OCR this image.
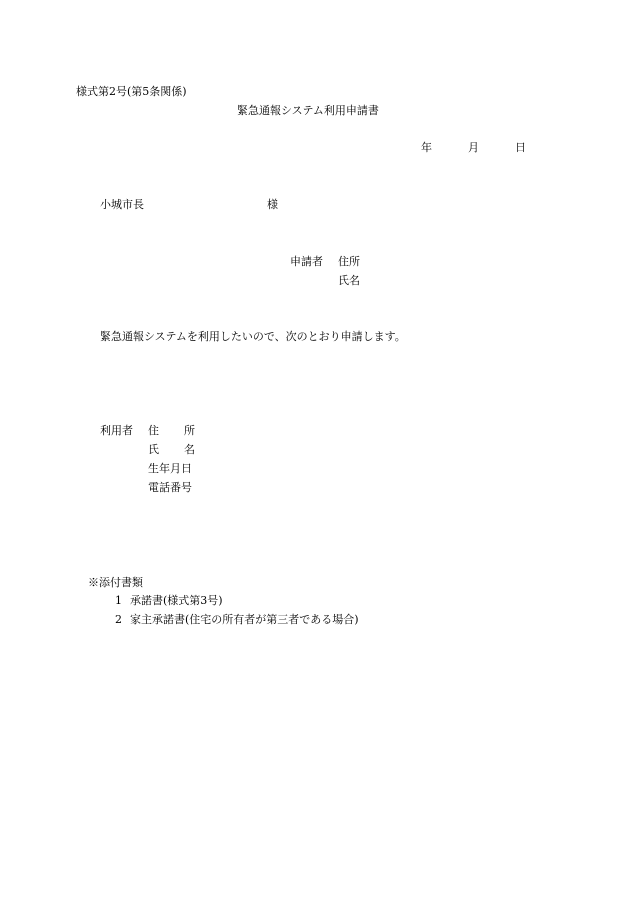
様式第2号(第5条関係)

緊急通報システム利用申請書

年	月	日
小城市長	様
申請者 住所
氏名

緊急通報システムを利用したいので、次のとおり申請します。

利用者 住 所
氏 名
生年月日
電話番号
※添付書類
1 承諾書(様式第3号)
2 家主承諾書(住宅の所有者が第三者である場合)
